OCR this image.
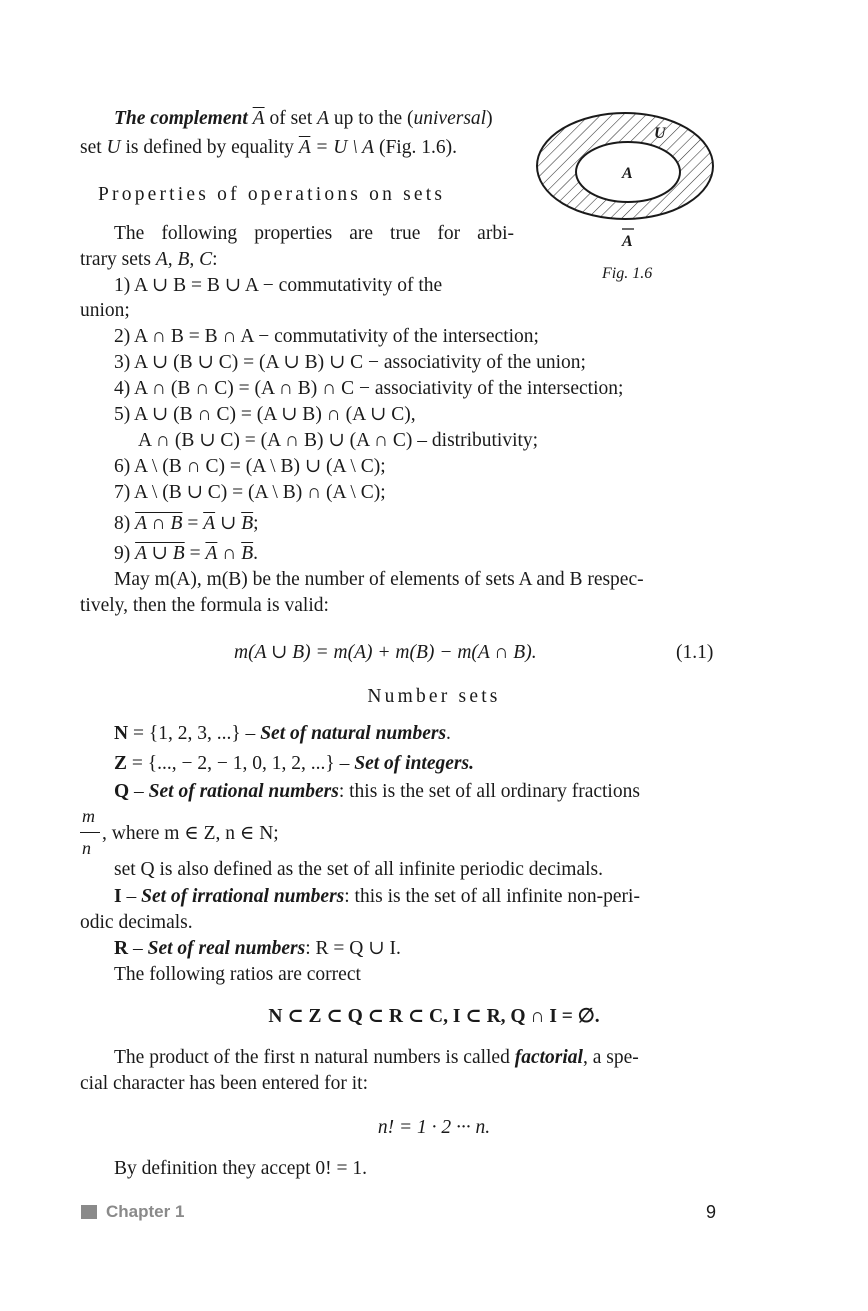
The complement $\overline{A}$ of set A up to the (universal)
set U is defined by equality $\overline{A} = U$ \ A (Fig. 1.6).
U
A
A
Fig. 1.6
Properties of operations on sets
The following properties are true for arbi-
trary sets A, B, C:
1) A ∪ B = B ∪ A − commutativity of the
union;
2) A ∩ B = B ∩ A − commutativity of the intersection;
3) A ∪ (B ∪ C) = (A ∪ B) ∪ C − associativity of the union;
4) A ∩ (B ∩ C) = (A ∩ B) ∩ C − associativity of the intersection;
5) A ∪ (B ∩ C) = (A ∪ B) ∩ (A ∪ C),
A ∩ (B ∪ C) = (A ∩ B) ∪ (A ∩ C) – distributivity;
6) A \ (B ∩ C) = (A \ B) ∪ (A \ C);
7) A \ (B ∪ C) = (A \ B) ∩ (A \ C);
8) A ∩ $B = \overline{A}$ ∪ $\overline{B}$;
9) A ∪ $B = \overline{A}$ ∩ $\overline{B}$.
May m(A), m(B) be the number of elements of sets A and B respec-
tively, then the formula is valid:
m(A ∪ B) = m(A) + m(B) − m(A ∩ B).	(1.1)
Number sets
N = {1, 2, 3, ...} – Set of natural numbers.
Z = {..., − 2, − 1, 0, 1, 2, ...} – Set of integers.
Q – Set of rational numbers: this is the set of all ordinary fractions
m
n
, where m ∈ Z, n ∈ N;
set Q is also defined as the set of all infinite periodic decimals.
I – Set of irrational numbers: this is the set of all infinite non-peri-
odic decimals.
R – Set of real numbers: R = Q ∪ I.
The following ratios are correct
N ⊂ Z ⊂ Q ⊂ R ⊂ C, I ⊂ R, Q ∩ I = ∅.
The product of the first n natural numbers is called factorial, a spe-
cial character has been entered for it:
n! = 1 · 2 ··· n.
By definition they accept 0! = 1.
Chapter 1	9
